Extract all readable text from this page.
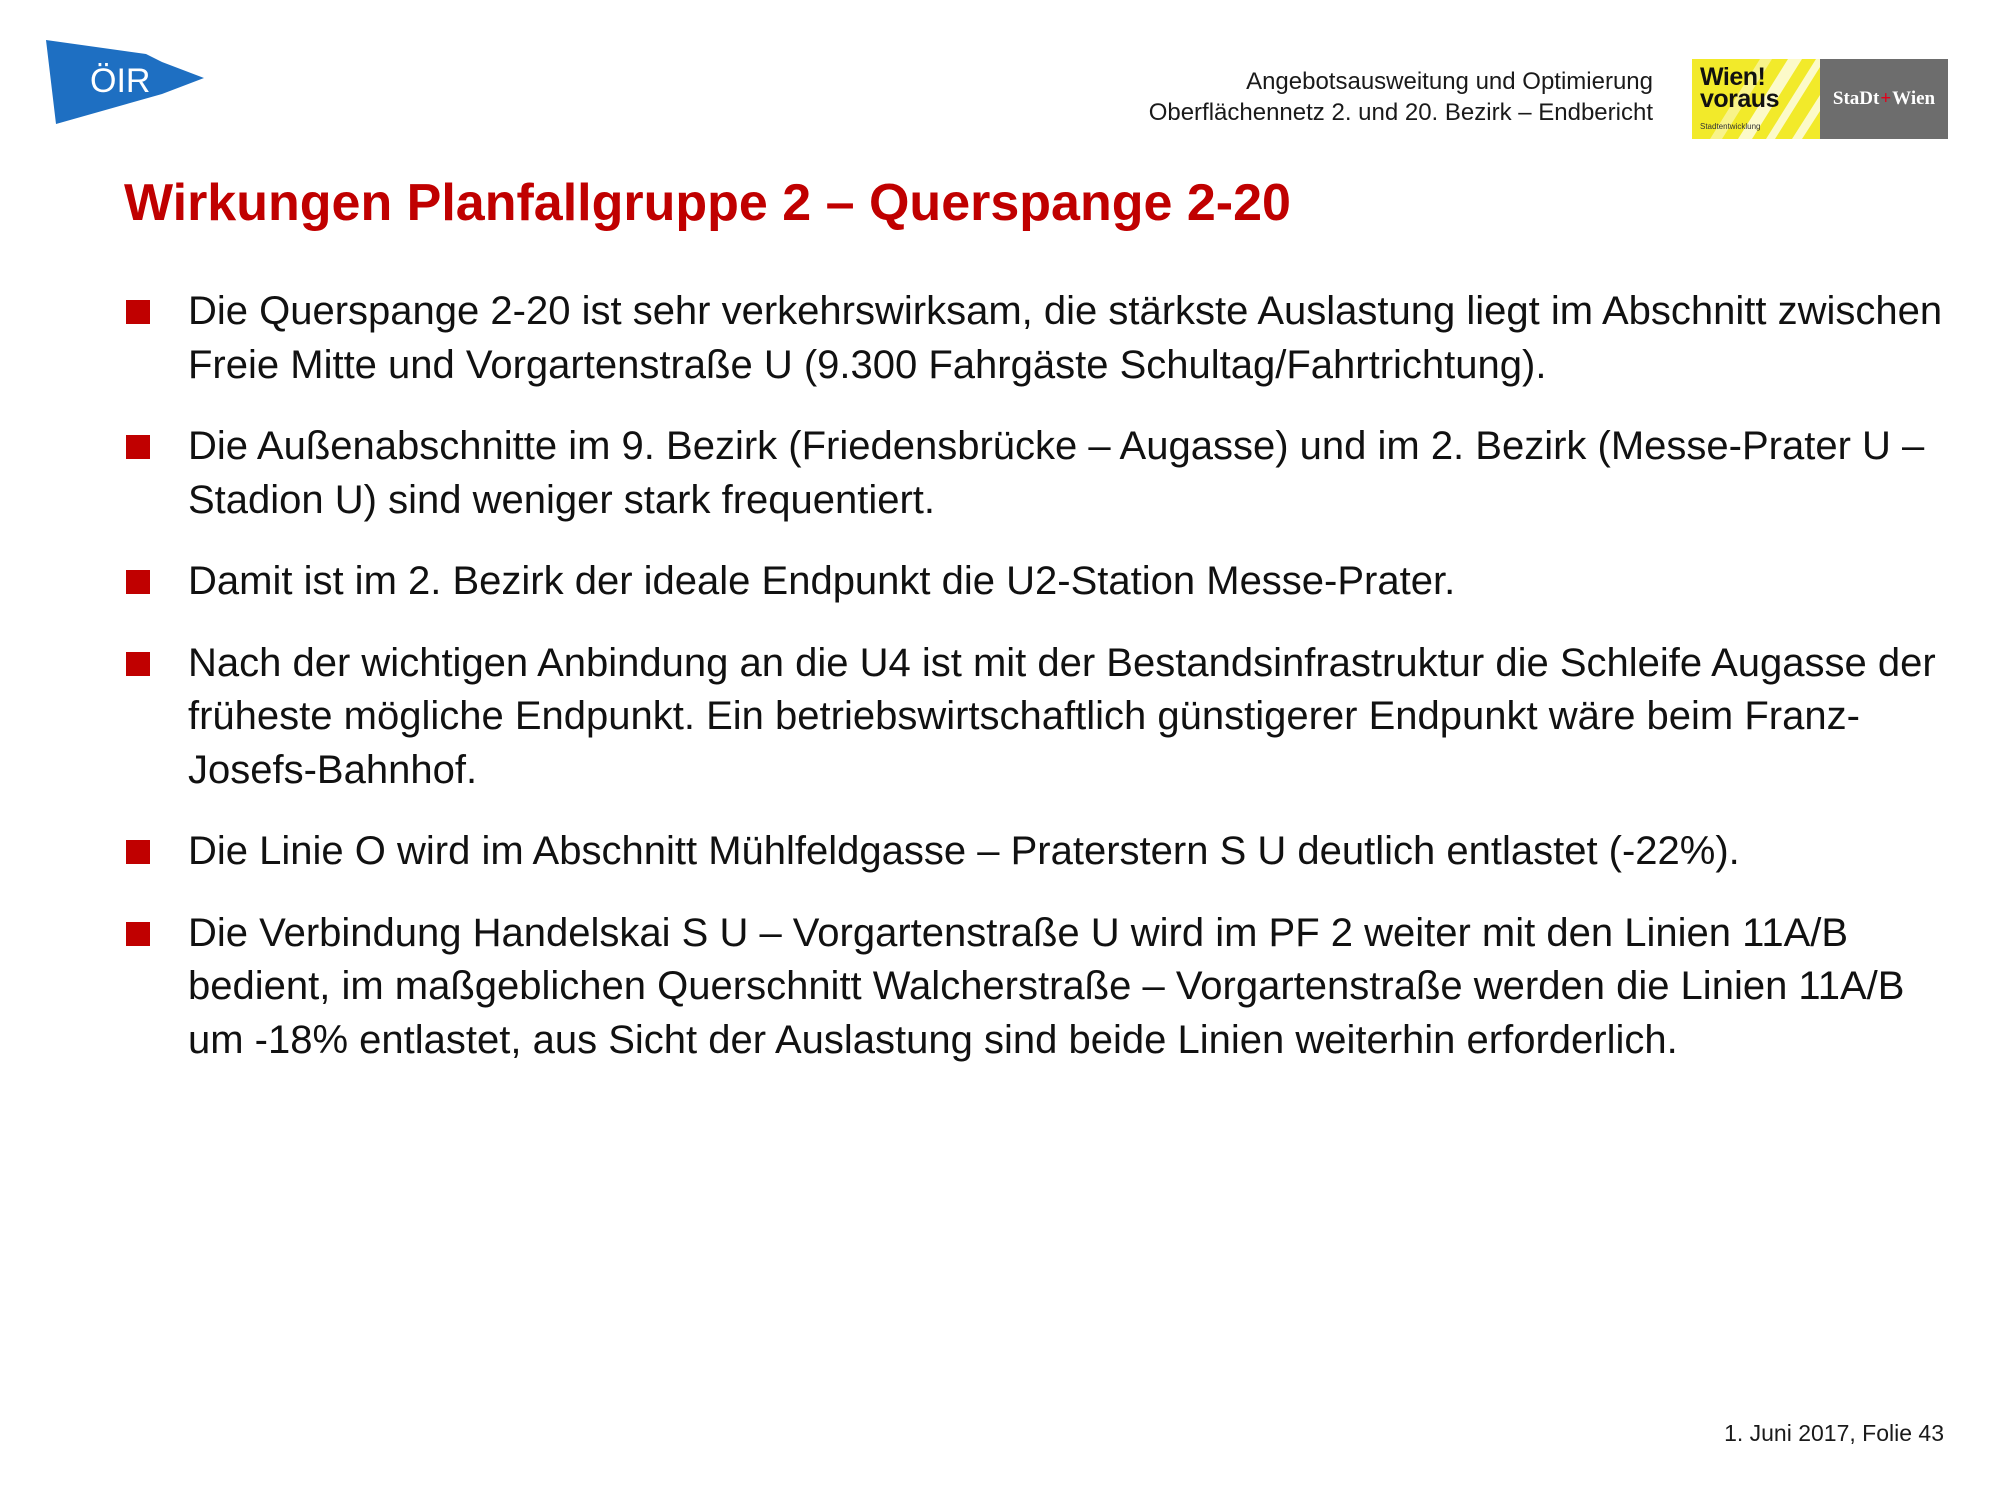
ÖIR	Angebotsausweitung und Optimierung
Oberflächennetz 2. und 20. Bezirk – Endbericht
Wien!
voraus
Stadtentwicklung
StaDt + Wien
Wirkungen Planfallgruppe 2 – Querspange 2-20
Die Querspange 2-20 ist sehr verkehrswirksam, die stärkste Auslastung liegt im Abschnitt zwischen Freie Mitte und Vorgartenstraße U (9.300 Fahrgäste Schultag/Fahrtrichtung).
Die Außenabschnitte im 9. Bezirk (Friedensbrücke – Augasse) und im 2. Bezirk (Messe-Prater U – Stadion U) sind weniger stark frequentiert.
Damit ist im 2. Bezirk der ideale Endpunkt die U2-Station Messe-Prater.
Nach der wichtigen Anbindung an die U4 ist mit der Bestandsinfrastruktur die Schleife Augasse der früheste mögliche Endpunkt. Ein betriebswirtschaftlich günstigerer Endpunkt wäre beim Franz-Josefs-Bahnhof.
Die Linie O wird im Abschnitt Mühlfeldgasse – Praterstern S U deutlich entlastet (-22%).
Die Verbindung Handelskai S U – Vorgartenstraße U wird im PF 2 weiter mit den Linien 11A/B bedient, im maßgeblichen Querschnitt Walcherstraße – Vorgartenstraße werden die Linien 11A/B um -18% entlastet, aus Sicht der Auslastung sind beide Linien weiterhin erforderlich.
1. Juni 2017, Folie 43
